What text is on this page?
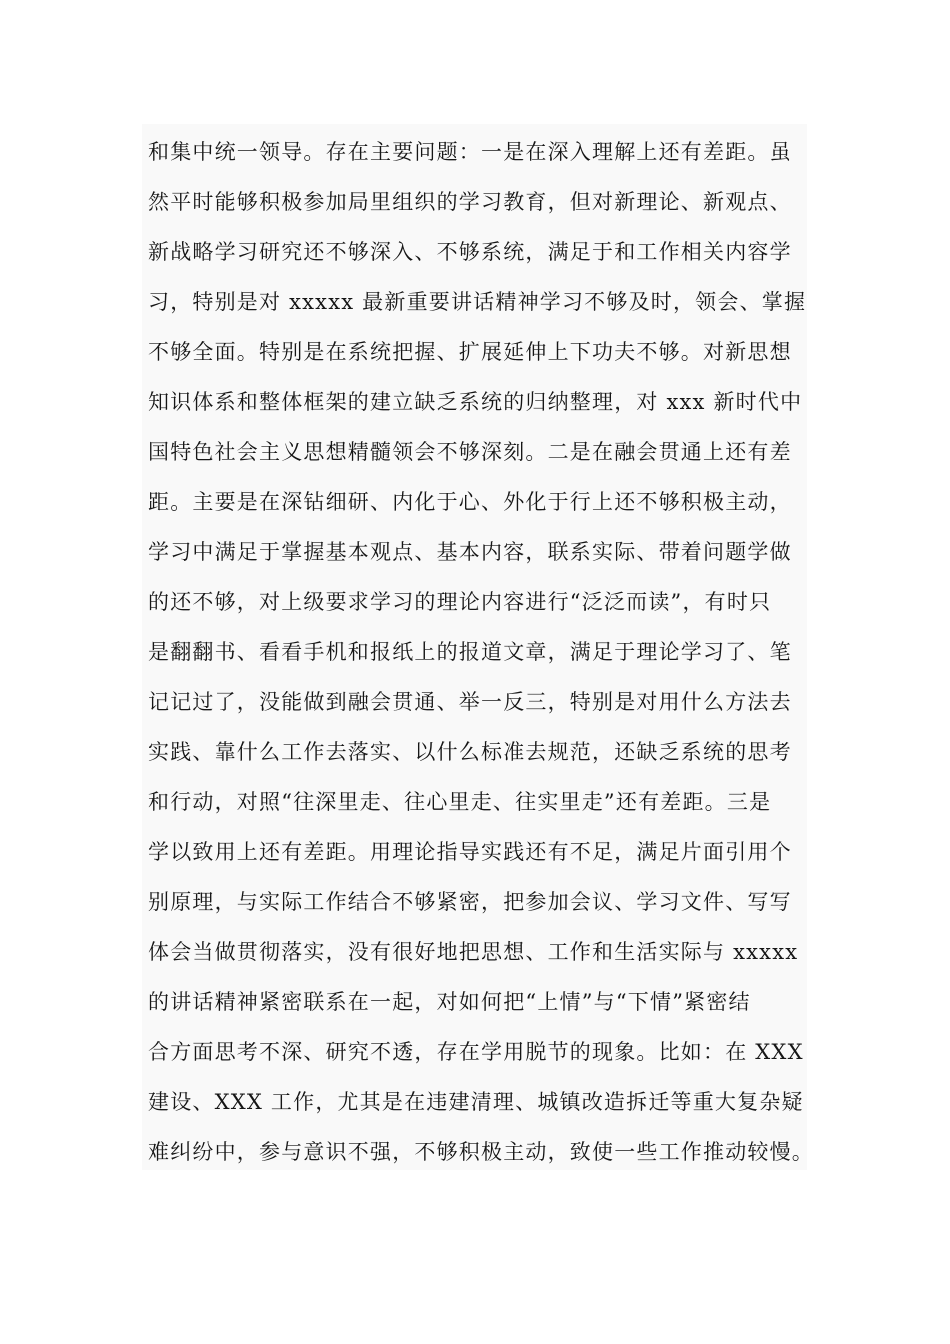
和集中统一领导。存在主要问题：一是在深入理解上还有差距。虽
然平时能够积极参加局里组织的学习教育，但对新理论、新观点、
新战略学习研究还不够深入、不够系统，满足于和工作相关内容学
习，特别是对 xxxxx 最新重要讲话精神学习不够及时，领会、掌握
不够全面。特别是在系统把握、扩展延伸上下功夫不够。对新思想
知识体系和整体框架的建立缺乏系统的归纳整理，对 xxx 新时代中
国特色社会主义思想精髓领会不够深刻。二是在融会贯通上还有差
距。主要是在深钻细研、内化于心、外化于行上还不够积极主动，
学习中满足于掌握基本观点、基本内容，联系实际、带着问题学做
的还不够，对上级要求学习的理论内容进行“泛泛而读”，有时只
是翻翻书、看看手机和报纸上的报道文章，满足于理论学习了、笔
记记过了，没能做到融会贯通、举一反三，特别是对用什么方法去
实践、靠什么工作去落实、以什么标准去规范，还缺乏系统的思考
和行动，对照“往深里走、往心里走、往实里走”还有差距。三是
学以致用上还有差距。用理论指导实践还有不足，满足片面引用个
别原理，与实际工作结合不够紧密，把参加会议、学习文件、写写
体会当做贯彻落实，没有很好地把思想、工作和生活实际与 xxxxx
的讲话精神紧密联系在一起，对如何把“上情”与“下情”紧密结
合方面思考不深、研究不透，存在学用脱节的现象。比如：在 XXX
建设、XXX 工作，尤其是在违建清理、城镇改造拆迁等重大复杂疑
难纠纷中，参与意识不强，不够积极主动，致使一些工作推动较慢。
